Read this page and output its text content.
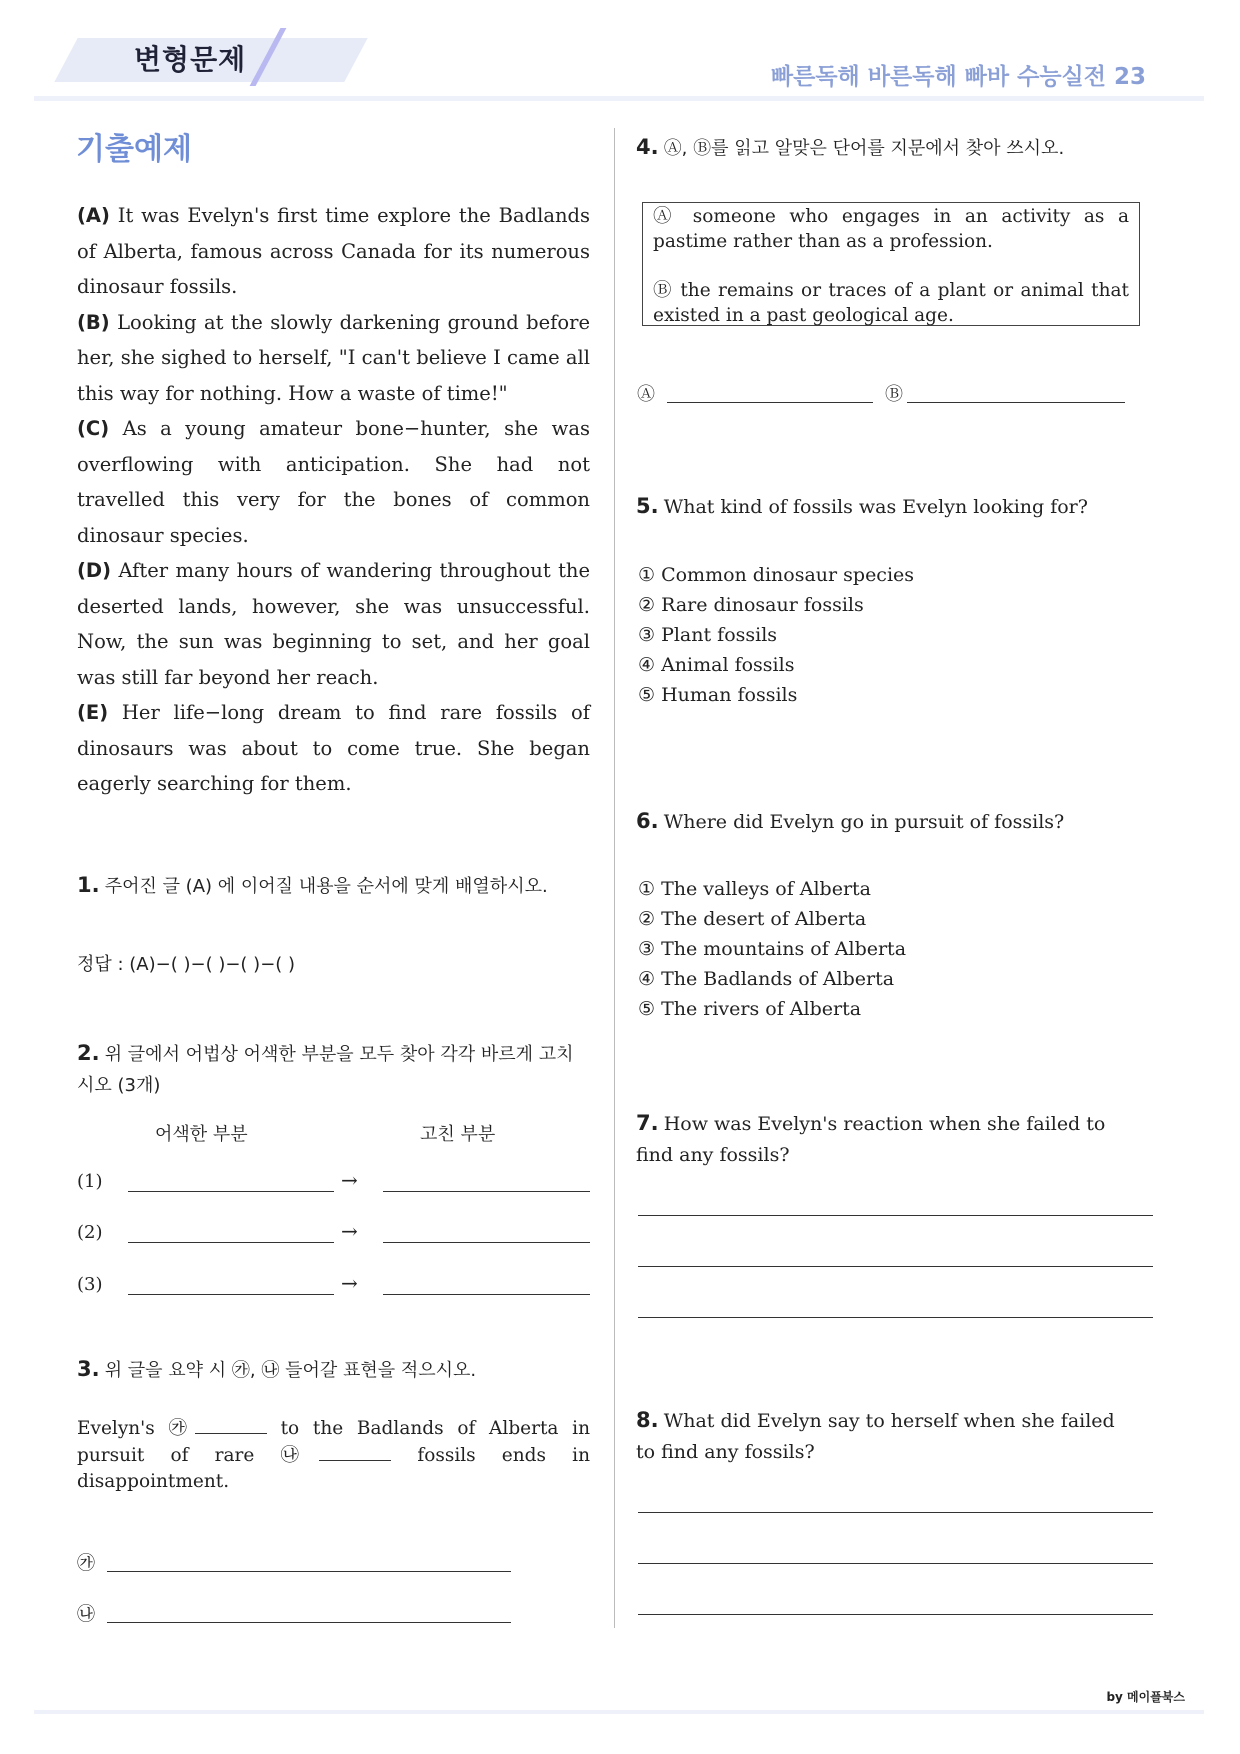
변형문제
빠른독해 바른독해 빠바 수능실전 23
기출예제

(A) It was Evelyn's first time explore the Badlands of Alberta, famous across Canada for its numerous dinosaur fossils.

(B) Looking at the slowly darkening ground before her, she sighed to herself, "I can't believe I came all this way for nothing. How a waste of time!"

(C) As a young amateur bone−hunter, she was overflowing with anticipation. She had not travelled this very for the bones of common dinosaur species.

(D) After many hours of wandering throughout the deserted lands, however, she was unsuccessful. Now, the sun was beginning to set, and her goal was still far beyond her reach.

(E) Her life−long dream to find rare fossils of dinosaurs was about to come true. She began eagerly searching for them.

1. 주어진 글 (A) 에 이어질 내용을 순서에 맞게 배열하시오.
정답 : (A)−( )−( )−( )−( )
2. 위 글에서 어법상 어색한 부분을 모두 찾아 각각 바르게 고치시오 (3개)
어색한 부분	고친 부분
(1)	→
(2)	→
(3)	→
3. 위 글을 요약 시 ㉮, ㉯ 들어갈 표현을 적으시오.
Evelyn's ㉮	to the Badlands of Alberta in pursuit of rare ㉯	fossils ends in disappointment.
㉮
㉯
4. Ⓐ, Ⓑ를 읽고 알맞은 단어를 지문에서 찾아 쓰시오.

Ⓐ someone who engages in an activity as a pastime rather than as a profession.

Ⓑ the remains or traces of a plant or animal that existed in a past geological age.

Ⓐ	Ⓑ
5. What kind of fossils was Evelyn looking for?
① Common dinosaur species
② Rare dinosaur fossils
③ Plant fossils
④ Animal fossils
⑤ Human fossils
6. Where did Evelyn go in pursuit of fossils?
① The valleys of Alberta
② The desert of Alberta
③ The mountains of Alberta
④ The Badlands of Alberta
⑤ The rivers of Alberta
7. How was Evelyn's reaction when she failed to find any fossils?
8. What did Evelyn say to herself when she failed to find any fossils?
by 메이플북스
